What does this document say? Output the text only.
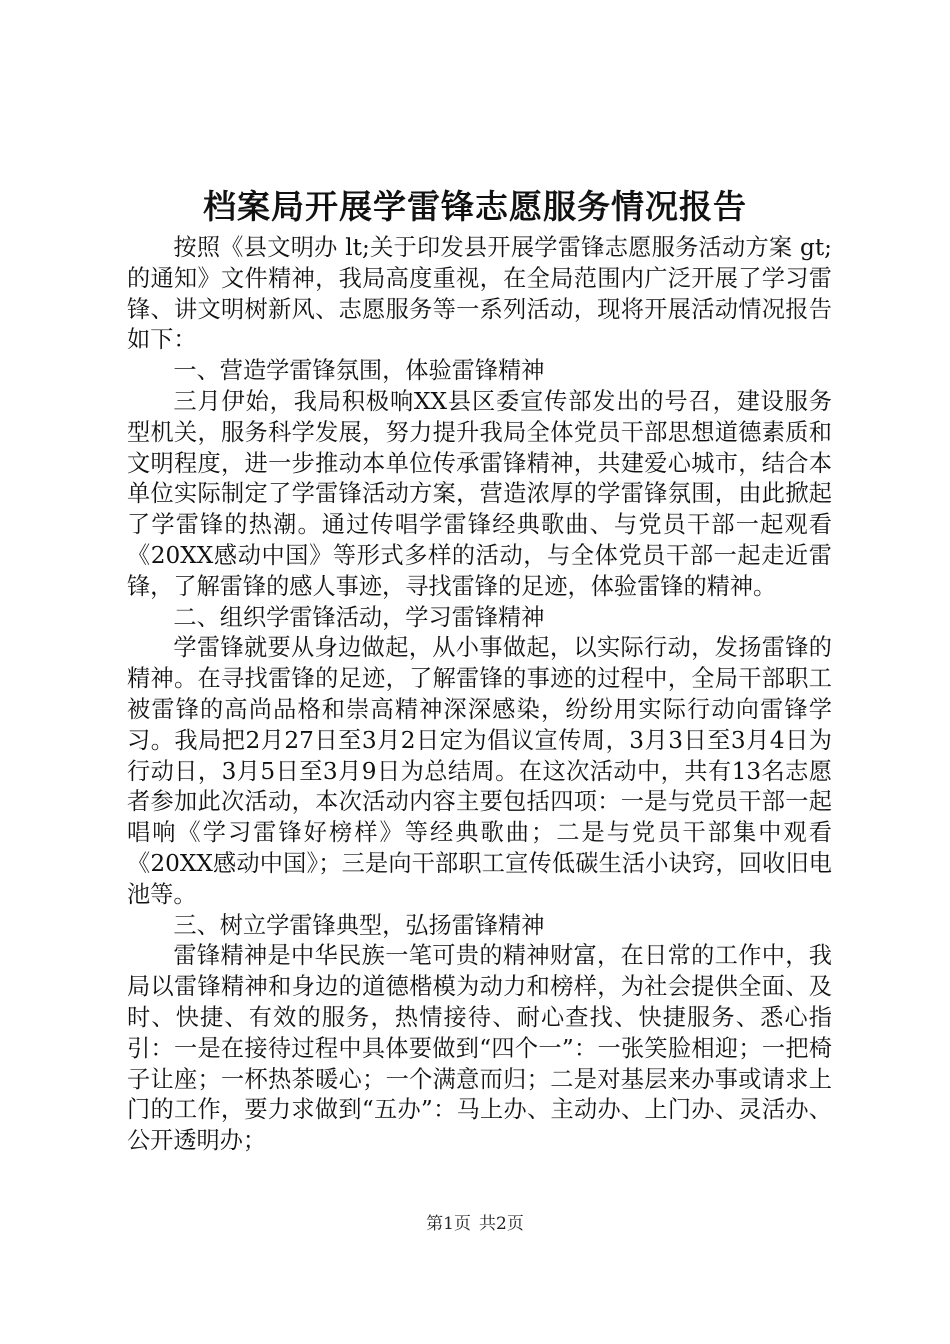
档案局开展学雷锋志愿服务情况报告

按照《县文明办 lt;关于印发县开展学雷锋志愿服务活动方案 gt;的通知》文件精神，我局高度重视，在全局范围内广泛开展了学习雷锋、讲文明树新风、志愿服务等一系列活动，现将开展活动情况报告如下：

一、营造学雷锋氛围，体验雷锋精神

三月伊始，我局积极响XX县区委宣传部发出的号召，建设服务型机关，服务科学发展，努力提升我局全体党员干部思想道德素质和文明程度，进一步推动本单位传承雷锋精神，共建爱心城市，结合本单位实际制定了学雷锋活动方案，营造浓厚的学雷锋氛围，由此掀起了学雷锋的热潮。通过传唱学雷锋经典歌曲、与党员干部一起观看《20XX感动中国》等形式多样的活动，与全体党员干部一起走近雷锋，了解雷锋的感人事迹，寻找雷锋的足迹，体验雷锋的精神。

二、组织学雷锋活动，学习雷锋精神

学雷锋就要从身边做起，从小事做起，以实际行动，发扬雷锋的精神。在寻找雷锋的足迹，了解雷锋的事迹的过程中，全局干部职工被雷锋的高尚品格和崇高精神深深感染，纷纷用实际行动向雷锋学习。我局把2月27日至3月2日定为倡议宣传周，3月3日至3月4日为行动日，3月5日至3月9日为总结周。在这次活动中，共有13名志愿者参加此次活动，本次活动内容主要包括四项：一是与党员干部一起唱响《学习雷锋好榜样》等经典歌曲；二是与党员干部集中观看《20XX感动中国》；三是向干部职工宣传低碳生活小诀窍，回收旧电池等。

三、树立学雷锋典型，弘扬雷锋精神

雷锋精神是中华民族一笔可贵的精神财富，在日常的工作中，我局以雷锋精神和身边的道德楷模为动力和榜样，为社会提供全面、及时、快捷、有效的服务，热情接待、耐心查找、快捷服务、悉心指引：一是在接待过程中具体要做到“四个一”：一张笑脸相迎；一把椅子让座；一杯热茶暖心；一个满意而归；二是对基层来办事或请求上门的工作，要力求做到“五办”：马上办、主动办、上门办、灵活办、公开透明办；

第1页 共2页
